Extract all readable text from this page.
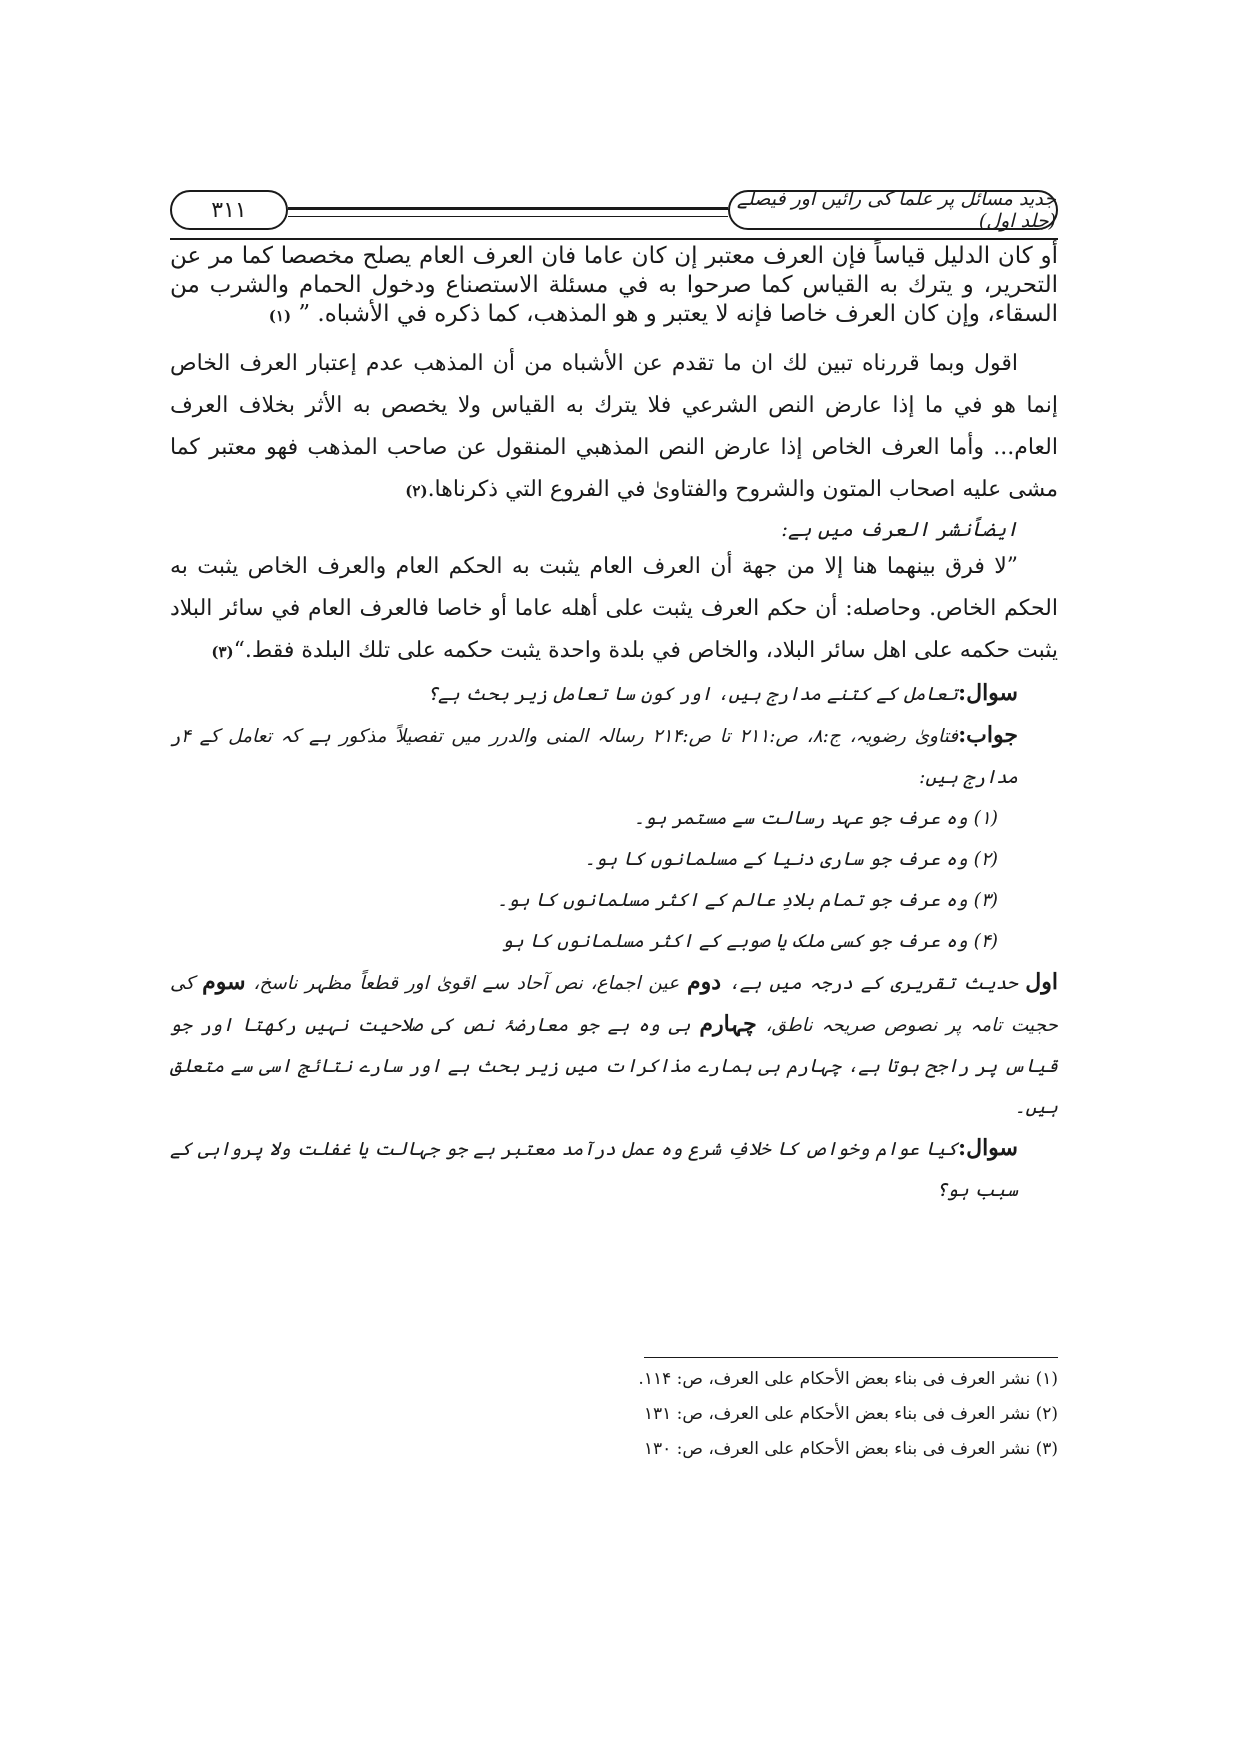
۳۱۱	جدید مسائل پر علما کی رائیں اور فیصلے (جلد اول)

أو كان الدليل قياساً فإن العرف معتبر إن كان عاما فان العرف العام يصلح مخصصا كما مر عن التحرير، و يترك به القياس كما صرحوا به في مسئلة الاستصناع ودخول الحمام والشرب من السقاء، وإن كان العرف خاصا فإنه لا يعتبر و هو المذهب، كما ذكره في الأشباه. ” (۱)

اقول وبما قررناه تبين لك ان ما تقدم عن الأشباه من أن المذهب عدم إعتبار العرف الخاص إنما هو في ما إذا عارض النص الشرعي فلا يترك به القياس ولا يخصص به الأثر بخلاف العرف العام... وأما العرف الخاص إذا عارض النص المذهبي المنقول عن صاحب المذهب فهو معتبر كما مشى عليه اصحاب المتون والشروح والفتاویٰ في الفروع التي ذكرناها.(۲)

ایضاًنشر العرف میں ہے:

”لا فرق بينهما هنا إلا من جهة أن العرف العام يثبت به الحكم العام والعرف الخاص يثبت به الحكم الخاص. وحاصله: أن حكم العرف يثبت على أهله عاما أو خاصا فالعرف العام في سائر البلاد يثبت حكمه على اهل سائر البلاد، والخاص في بلدة واحدة يثبت حكمه على تلك البلدة فقط.“(۳)

سوال:تعامل کے کتنے مدارج ہیں، اور کون سا تعامل زیر بحث ہے؟

جواب:فتاویٰ رضویہ، ج:۸، ص:۲۱۱ تا ص:۲۱۴ رسالہ المنی والدرر میں تفصیلاً مذکور ہے کہ تعامل کے ۴ر مدارج ہیں:

(۱) وہ عرف جو عہد رسالت سے مستمر ہو۔

(۲) وہ عرف جو ساری دنیا کے مسلمانوں کا ہو۔

(۳) وہ عرف جو تمام بلادِ عالم کے اکثر مسلمانوں کا ہو۔

(۴) وہ عرف جو کسی ملک یا صوبے کے اکثر مسلمانوں کا ہو

اول حدیث تقریری کے درجہ میں ہے، دوم عین اجماع، نص آحاد سے اقویٰ اور قطعاً مظہر ناسخ، سوم کی حجیت تامہ پر نصوص صریحہ ناطق، چہارم ہی وہ ہے جو معارضۂ نص کی صلاحیت نہیں رکھتا اور جو قیاس پر راجح ہوتا ہے، چہارم ہی ہمارے مذاکرات میں زیر بحث ہے اور سارے نتائج اسی سے متعلق ہیں۔

سوال:کیا عوام وخواص کا خلافِ شرع وہ عمل درآمد معتبر ہے جو جہالت یا غفلت ولا پرواہی کے سبب ہو؟

(۱) نشر العرف فی بناء بعض الأحكام على العرف، ص: ۱۱۴.
(۲) نشر العرف فی بناء بعض الأحكام على العرف، ص: ۱۳۱
(۳) نشر العرف فی بناء بعض الأحكام على العرف، ص: ۱۳۰
